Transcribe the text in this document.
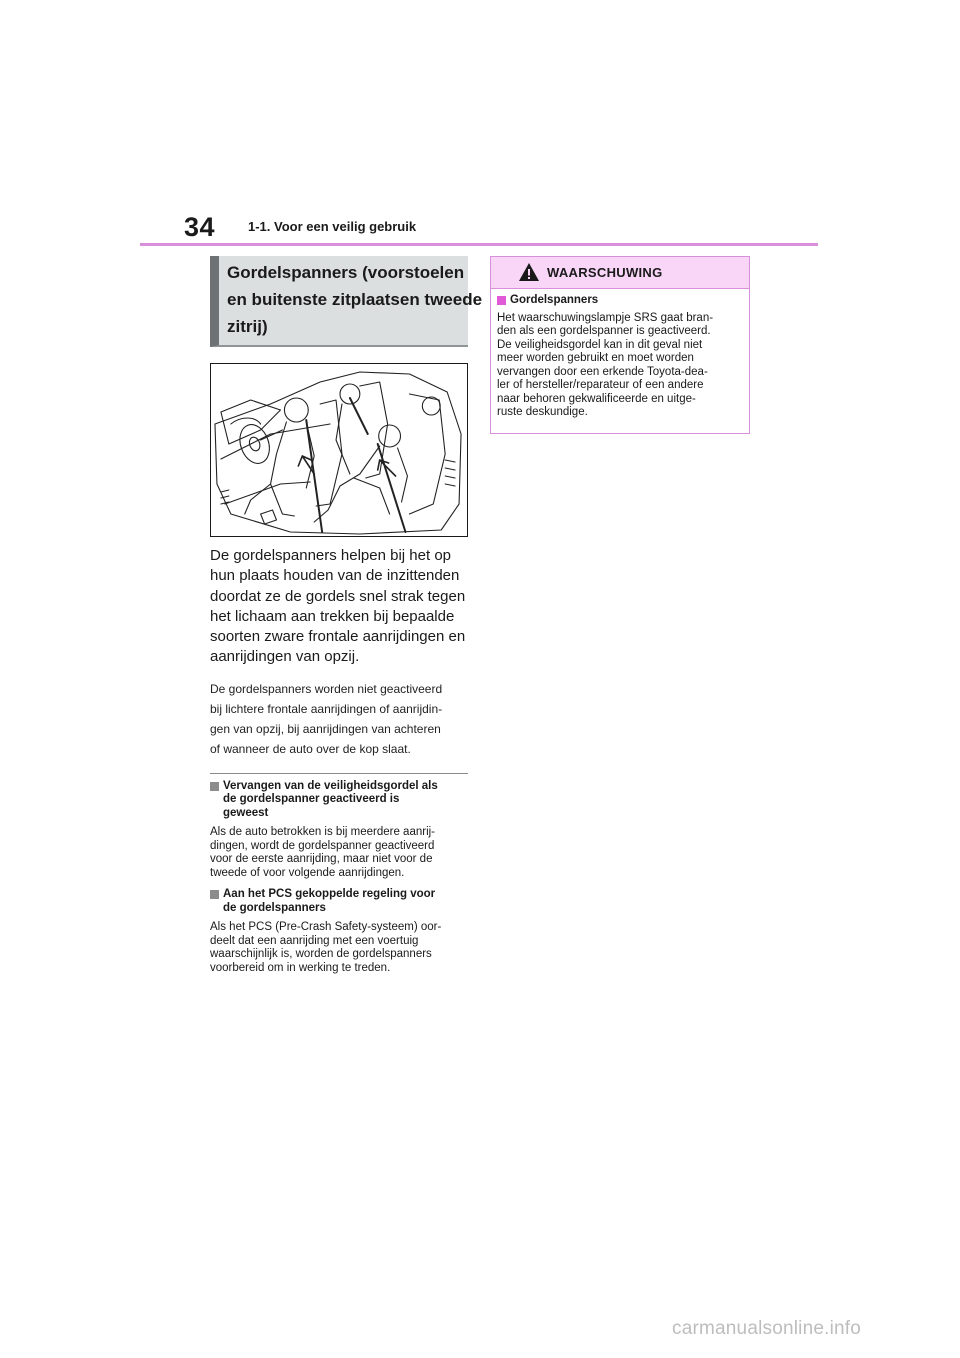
34	1-1. Voor een veilig gebruik
Gordelspanners (voorstoelen
en buitenste zitplaatsen tweede
zitrij)
De gordelspanners helpen bij het op
hun plaats houden van de inzittenden
doordat ze de gordels snel strak tegen
het lichaam aan trekken bij bepaalde
soorten zware frontale aanrijdingen en
aanrijdingen van opzij.
De gordelspanners worden niet geactiveerd
bij lichtere frontale aanrijdingen of aanrijdin-
gen van opzij, bij aanrijdingen van achteren
of wanneer de auto over de kop slaat.
Vervangen van de veiligheidsgordel als
de gordelspanner geactiveerd is
geweest
Als de auto betrokken is bij meerdere aanrij-
dingen, wordt de gordelspanner geactiveerd
voor de eerste aanrijding, maar niet voor de
tweede of voor volgende aanrijdingen.
Aan het PCS gekoppelde regeling voor
de gordelspanners
Als het PCS (Pre-Crash Safety-systeem) oor-
deelt dat een aanrijding met een voertuig
waarschijnlijk is, worden de gordelspanners
voorbereid om in werking te treden.
WAARSCHUWING
Gordelspanners
Het waarschuwingslampje SRS gaat bran-
den als een gordelspanner is geactiveerd.
De veiligheidsgordel kan in dit geval niet
meer worden gebruikt en moet worden
vervangen door een erkende Toyota-dea-
ler of hersteller/reparateur of een andere
naar behoren gekwalificeerde en uitge-
ruste deskundige.
carmanualsonline.info
